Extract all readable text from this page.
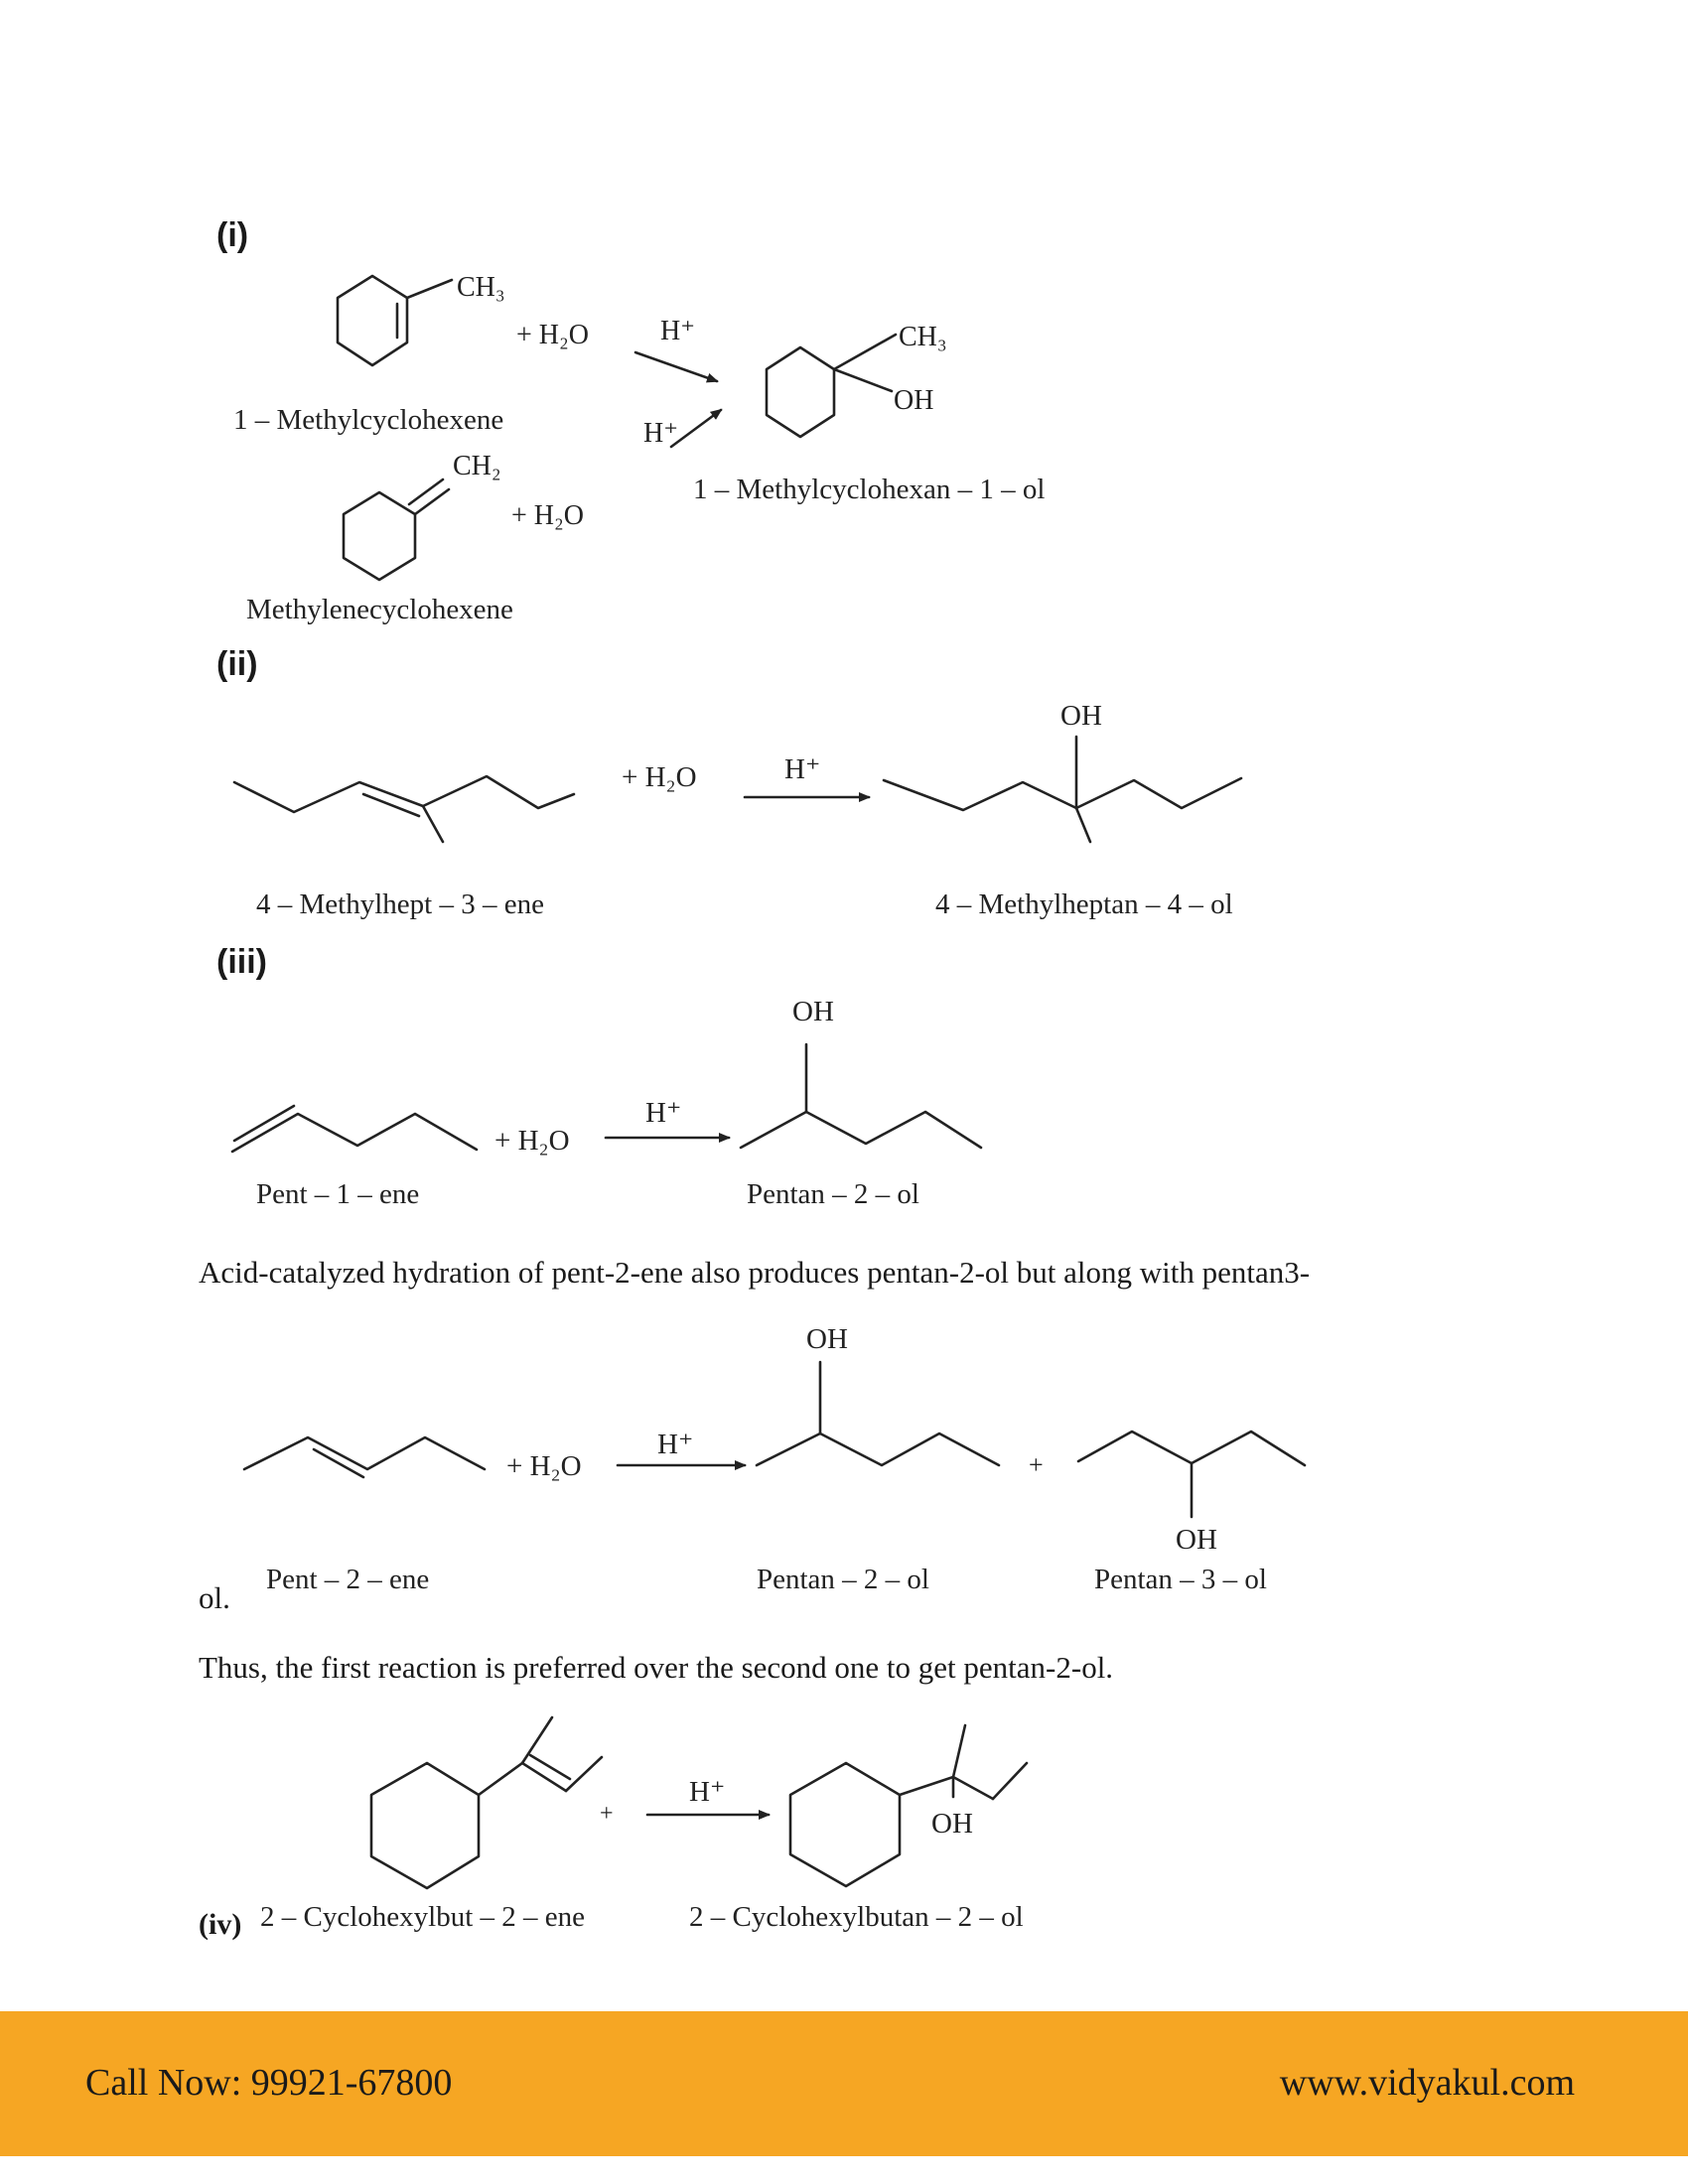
(i)
(ii)
(iii)
(iv)
Acid-catalyzed hydration of pent-2-ene also produces pentan-2-ol but along with pentan3-
ol.
Thus, the first reaction is preferred over the second one to get pentan-2-ol.
CH₃
+ H₂O	H⁺
1 – Methylcyclohexene
CH₂
+ H₂O
H⁺
Methylenecyclohexene
CH₃
OH
1 – Methylcyclohexan – 1 – ol
+ H₂O	H⁺
OH
4 – Methylhept – 3 – ene	4 – Methylheptan – 4 – ol
+ H₂O
H⁺
OH
Pent – 1 – ene	Pentan – 2 – ol
+ H₂O
H⁺
OH
+
OH
Pent – 2 – ene	Pentan – 2 – ol	Pentan – 3 – ol
+
H⁺
OH
2 – Cyclohexylbut – 2 – ene	2 – Cyclohexylbutan – 2 – ol
Call Now: 99921-67800	www.vidyakul.com
